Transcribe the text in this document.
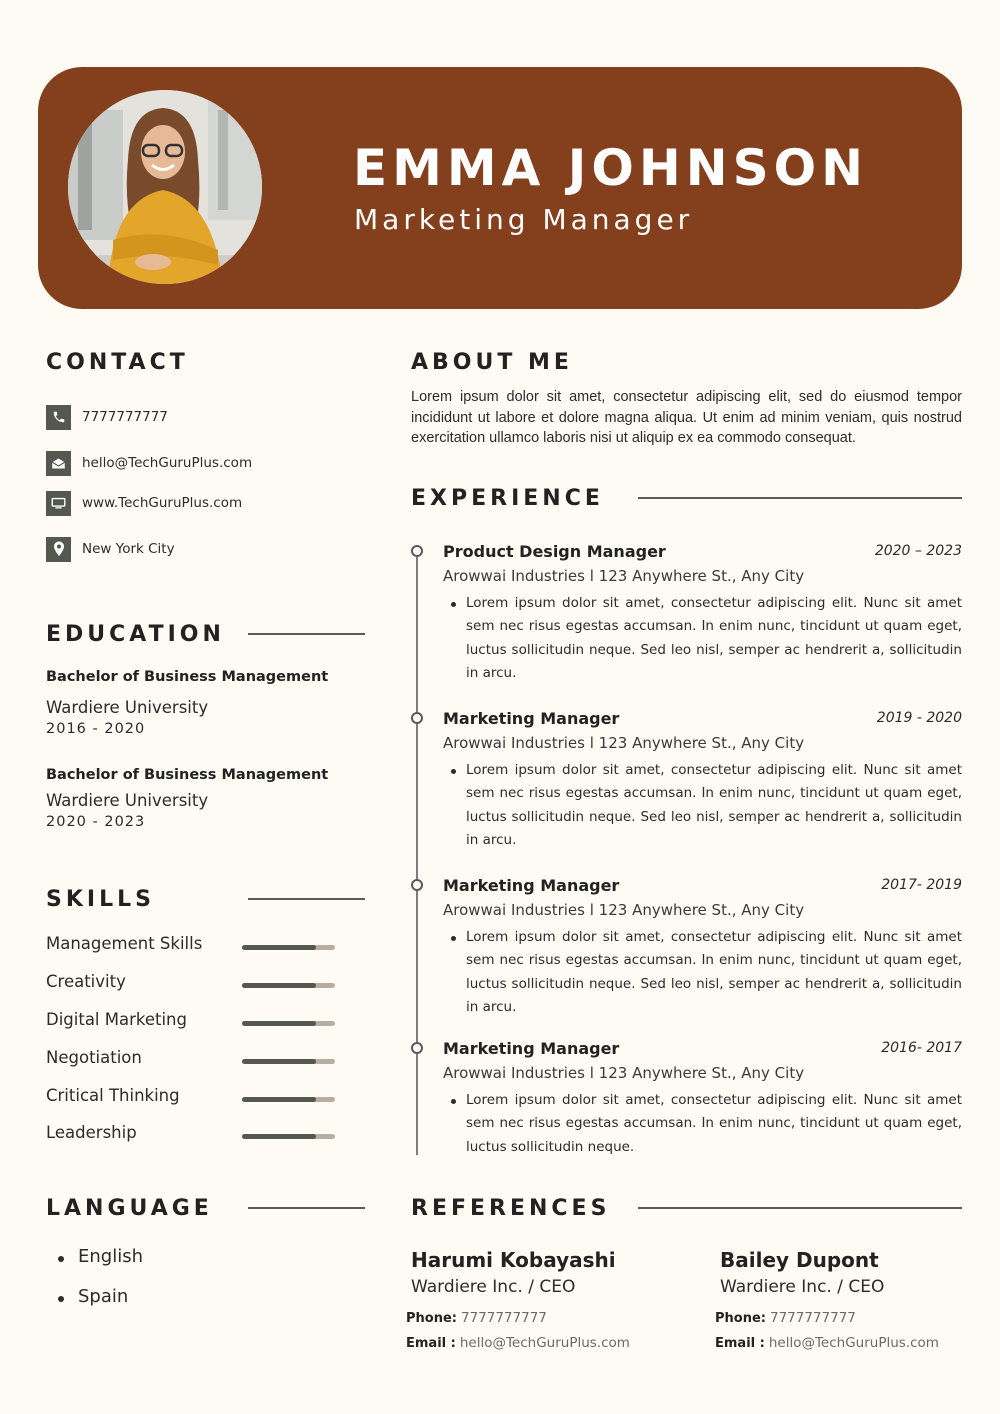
EMMA JOHNSON
Marketing Manager
CONTACT
7777777777
hello@TechGuruPlus.com
www.TechGuruPlus.com
New York City
EDUCATION
Bachelor of Business Management
Wardiere University
2016 - 2020
Bachelor of Business Management
Wardiere University
2020 - 2023
SKILLS
Management Skills
Creativity
Digital Marketing
Negotiation
Critical Thinking
Leadership
LANGUAGE
English
Spain
ABOUT ME
Lorem ipsum dolor sit amet, consectetur adipiscing elit, sed do eiusmod tempor incididunt ut labore et dolore magna aliqua. Ut enim ad minim veniam, quis nostrud exercitation ullamco laboris nisi ut aliquip ex ea commodo consequat.
EXPERIENCE
Product Design Manager	2020 – 2023
Arowwai Industries l 123 Anywhere St., Any City
Lorem ipsum dolor sit amet, consectetur adipiscing elit. Nunc sit amet sem nec risus egestas accumsan. In enim nunc, tincidunt ut quam eget, luctus sollicitudin neque. Sed leo nisl, semper ac hendrerit a, sollicitudin in arcu.
Marketing Manager	2019 - 2020
Arowwai Industries l 123 Anywhere St., Any City
Lorem ipsum dolor sit amet, consectetur adipiscing elit. Nunc sit amet sem nec risus egestas accumsan. In enim nunc, tincidunt ut quam eget, luctus sollicitudin neque. Sed leo nisl, semper ac hendrerit a, sollicitudin in arcu.
Marketing Manager	2017- 2019
Arowwai Industries l 123 Anywhere St., Any City
Lorem ipsum dolor sit amet, consectetur adipiscing elit. Nunc sit amet sem nec risus egestas accumsan. In enim nunc, tincidunt ut quam eget, luctus sollicitudin neque. Sed leo nisl, semper ac hendrerit a, sollicitudin in arcu.
Marketing Manager	2016- 2017
Arowwai Industries l 123 Anywhere St., Any City
Lorem ipsum dolor sit amet, consectetur adipiscing elit. Nunc sit amet sem nec risus egestas accumsan. In enim nunc, tincidunt ut quam eget, luctus sollicitudin neque.
REFERENCES
Harumi Kobayashi
Wardiere Inc. / CEO
Phone: 7777777777
Email : hello@TechGuruPlus.com
Bailey Dupont
Wardiere Inc. / CEO
Phone: 7777777777
Email : hello@TechGuruPlus.com
